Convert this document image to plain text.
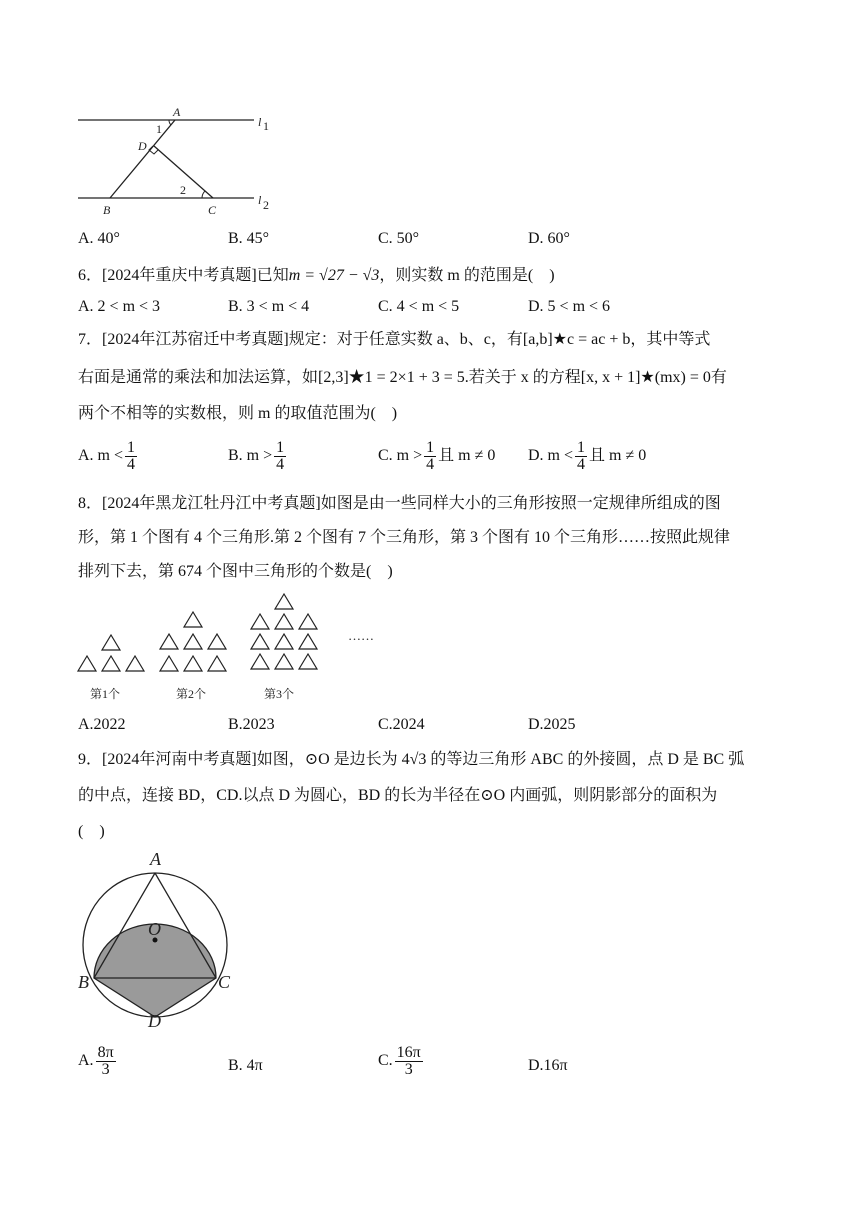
A
D
B	C
1
2
l 1
l 2
A. 40°	B. 45°	C. 50°	D. 60°
6．[2024年重庆中考真题]已知m = √27 − √3，则实数 m 的范围是(　)
A. 2 < m < 3	B. 3 < m < 4	C. 4 < m < 5	D. 5 < m < 6
7．[2024年江苏宿迁中考真题]规定：对于任意实数 a、b、c，有[a,b]★c = ac + b，其中等式
右面是通常的乘法和加法运算，如[2,3]★1 = 2×1 + 3 = 5.若关于 x 的方程[x, x + 1]★(mx) = 0有
两个不相等的实数根，则 m 的取值范围为(　)
A. $m < \frac{1}{4}$	B. $m > \frac{1}{4}$	C. $m > \frac{1}{4}$ 且 m ≠ 0 D. $m < \frac{1}{4}$ 且 m ≠ 0
8．[2024年黑龙江牡丹江中考真题]如图是由一些同样大小的三角形按照一定规律所组成的图
形，第 1 个图有 4 个三角形.第 2 个图有 7 个三角形，第 3 个图有 10 个三角形……按照此规律
排列下去，第 674 个图中三角形的个数是(　)
……
第1个	第2个	第3个
A.2022	B.2023	C.2024	D.2025
9．[2024年河南中考真题]如图，⊙O 是边长为 4√3 的等边三角形 ABC 的外接圆，点 D 是 BC 弧
的中点，连接 BD，CD.以点 D 为圆心，BD 的长为半径在⊙O 内画弧，则阴影部分的面积为
(　)
A
O
B	C
D
A. $\frac{8\pi}{3}$	B. 4π	C. $\frac{16\pi}{3}$	D.16π
